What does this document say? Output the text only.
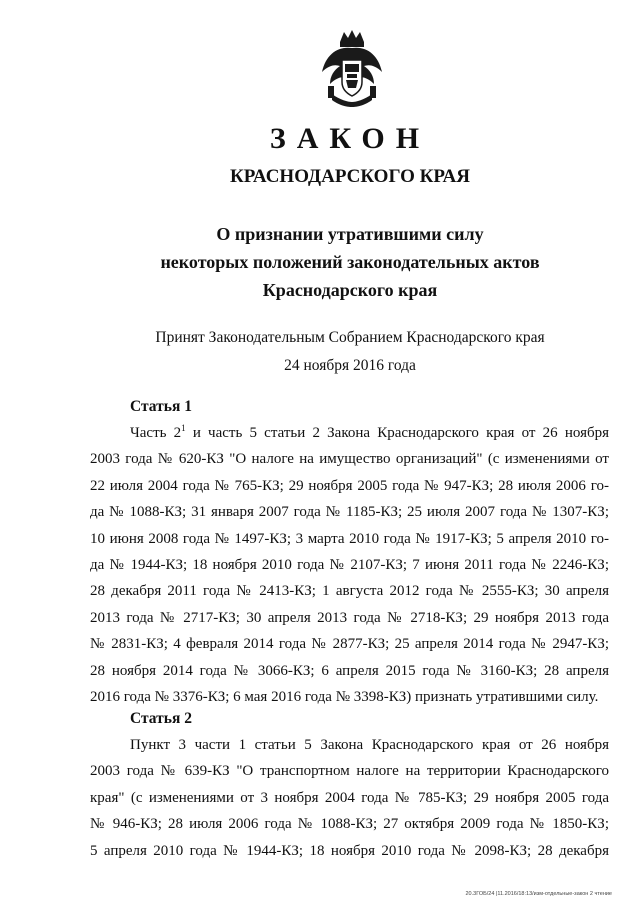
ЗАКОН
КРАСНОДАРСКОГО КРАЯ
О признании утратившими силу
некоторых положений законодательных актов
Краснодарского края
Принят Законодательным Собранием Краснодарского края
24 ноября 2016 года
Статья 1
Часть $2^1$ и часть 5 статьи 2 Закона Краснодарского края от 26 ноября
2003 года № 620-КЗ "О налоге на имущество организаций" (с изменениями от
22 июля 2004 года № 765-КЗ; 29 ноября 2005 года № 947-КЗ; 28 июля 2006 го-
да № 1088-КЗ; 31 января 2007 года № 1185-КЗ; 25 июля 2007 года № 1307-КЗ;
10 июня 2008 года № 1497-КЗ; 3 марта 2010 года № 1917-КЗ; 5 апреля 2010 го-
да № 1944-КЗ; 18 ноября 2010 года № 2107-КЗ; 7 июня 2011 года № 2246-КЗ;
28 декабря 2011 года № 2413-КЗ; 1 августа 2012 года № 2555-КЗ; 30 апреля
2013 года № 2717-КЗ; 30 апреля 2013 года № 2718-КЗ; 29 ноября 2013 года
№ 2831-КЗ; 4 февраля 2014 года № 2877-КЗ; 25 апреля 2014 года № 2947-КЗ;
28 ноября 2014 года № 3066-КЗ; 6 апреля 2015 года № 3160-КЗ; 28 апреля
2016 года № 3376-КЗ; 6 мая 2016 года № 3398-КЗ) признать утратившими силу.
Статья 2
Пункт 3 части 1 статьи 5 Закона Краснодарского края от 26 ноября
2003 года № 639-КЗ "О транспортном налоге на территории Краснодарского
края" (с изменениями от 3 ноября 2004 года № 785-КЗ; 29 ноября 2005 года
№ 946-КЗ; 28 июля 2006 года № 1088-КЗ; 27 октября 2009 года № 1850-КЗ;
5 апреля 2010 года № 1944-КЗ; 18 ноября 2010 года № 2098-КЗ; 28 декабря
20.3ГОБ/24 |11.2016/18:13/изм-отдельные-закон 2 чтение
